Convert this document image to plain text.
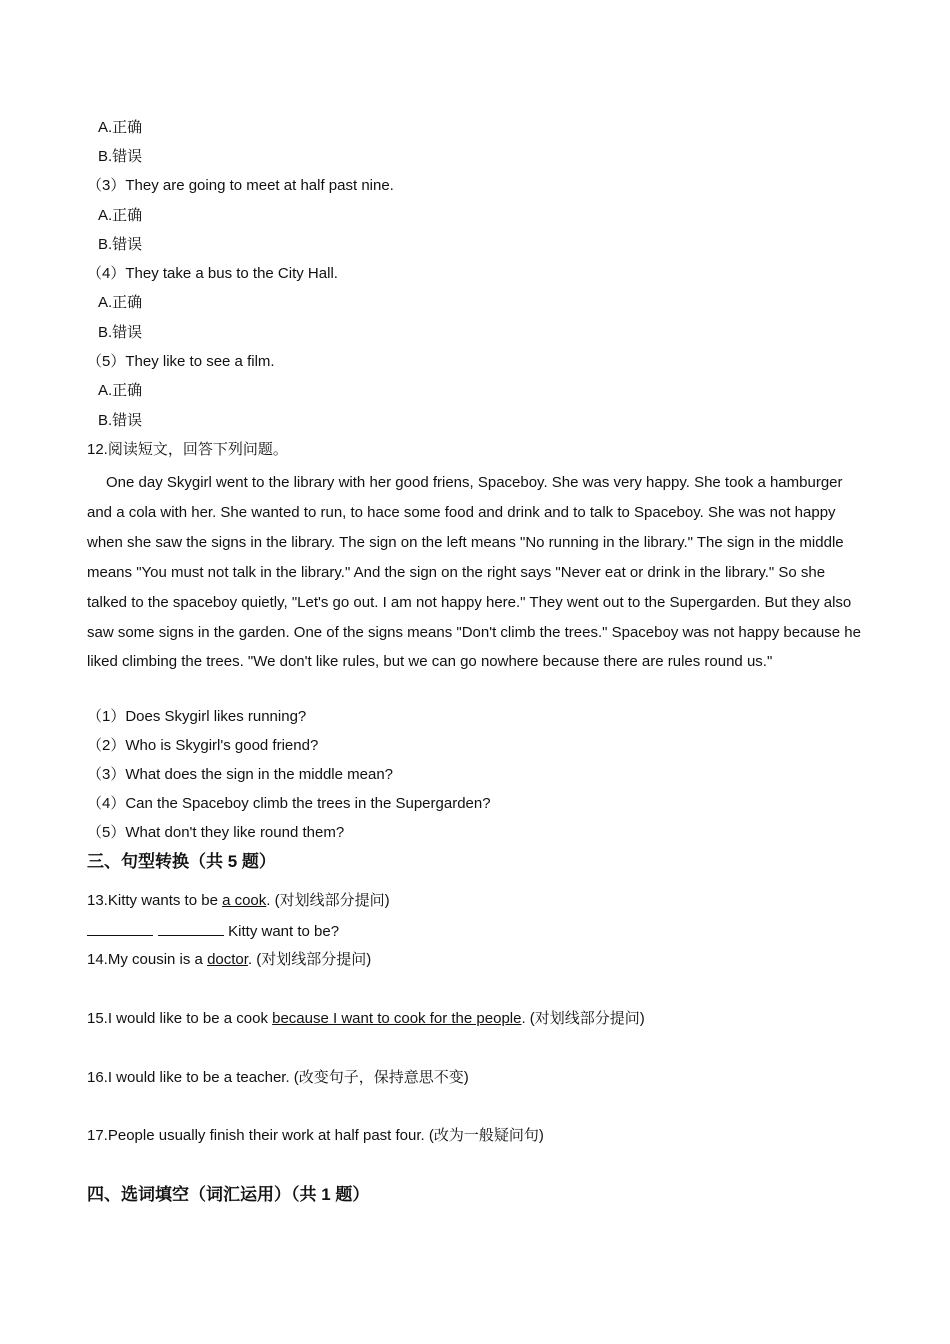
A.正确
B.错误
（3）They are going to meet at half past nine.
A.正确
B.错误
（4）They take a bus to the City Hall.
A.正确
B.错误
（5）They like to see a film.
A.正确
B.错误
12.阅读短文，回答下列问题。
One day Skygirl went to the library with her good friens, Spaceboy. She was very happy. She took a hamburger and a cola with her. She wanted to run, to hace some food and drink and to talk to Spaceboy. She was not happy when she saw the signs in the library. The sign on the left means "No running in the library." The sign in the middle means "You must not talk in the library." And the sign on the right says "Never eat or drink in the library." So she talked to the spaceboy quietly, "Let's go out. I am not happy here." They went out to the Supergarden. But they also saw some signs in the garden. One of the signs means "Don't climb the trees." Spaceboy was not happy because he liked climbing the trees. "We don't like rules, but we can go nowhere because there are rules round us."
（1）Does Skygirl likes running?
（2）Who is Skygirl's good friend?
（3）What does the sign in the middle mean?
（4）Can the Spaceboy climb the trees in the Supergarden?
（5）What don't they like round them?
三、句型转换（共 5 题）
13.Kitty wants to be a cook. (对划线部分提问)
Kitty want to be?
14.My cousin is a doctor. (对划线部分提问)
15.I would like to be a cook because I want to cook for the people. (对划线部分提问)
16.I would like to be a teacher. (改变句子，保持意思不变)
17.People usually finish their work at half past four. (改为一般疑问句)
四、选词填空（词汇运用）（共 1 题）
